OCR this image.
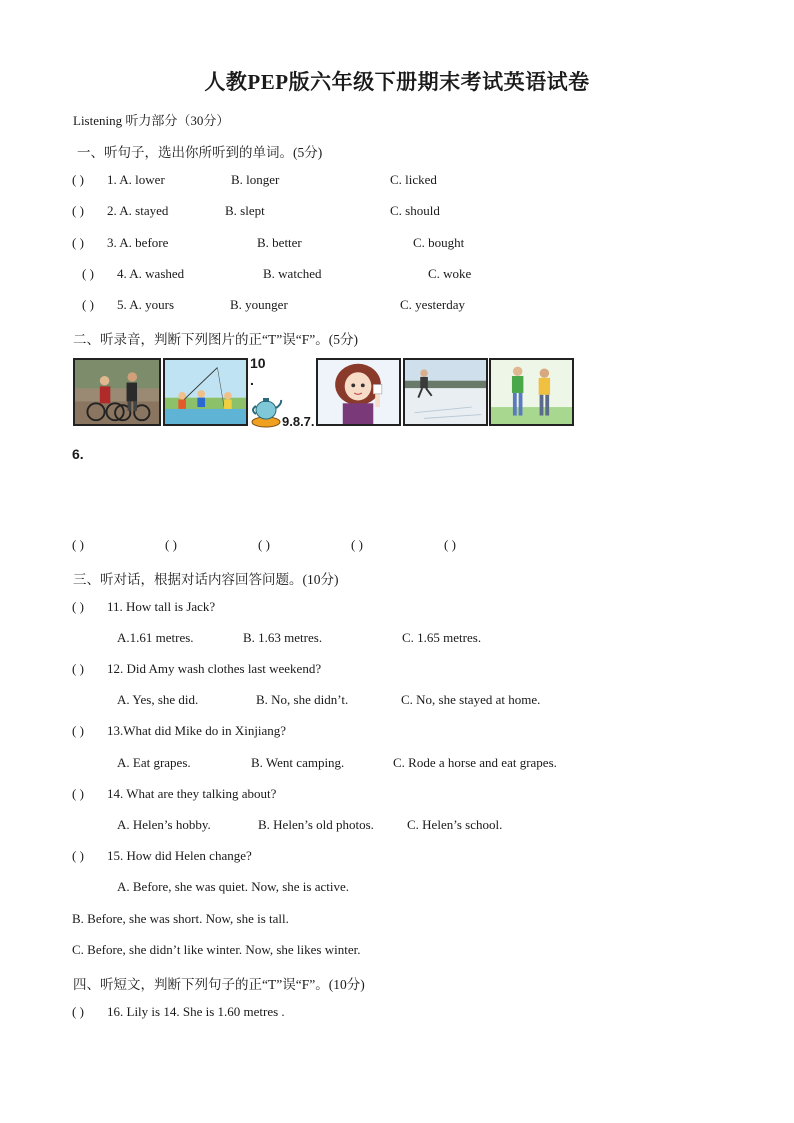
人教PEP版六年级下册期末考试英语试卷
Listening 听力部分（30分）
一、听句子，选出你所听到的单词。(5分)
( ) 1. A. lower	B. longer	C. licked
( ) 2. A. stayed	B. slept	C. should
( ) 3. A. before	B. better	C. bought
( ) 4. A. washed	B. watched	C. woke
( ) 5. A. yours	B. younger	C. yesterday
二、听录音，判断下列图片的正“T”误“F”。(5分)
10
.
9.8.7.
6.
( )	( )	( )	( )	( )
三、听对话，根据对话内容回答问题。(10分)
( ) 11. How tall is Jack?
A.1.61 metres.	B. 1.63 metres.	C. 1.65 metres.
( ) 12. Did Amy wash clothes last weekend?
A. Yes, she did.	B. No, she didn’t.	C. No, she stayed at home.
( ) 13.What did Mike do in Xinjiang?
A. Eat grapes.	B. Went camping.	C. Rode a horse and eat grapes.
( ) 14. What are they talking about?
A. Helen’s hobby.	B. Helen’s old photos.	C. Helen’s school.
( ) 15. How did Helen change?
A. Before, she was quiet. Now, she is active.
B. Before, she was short. Now, she is tall.
C. Before, she didn’t like winter. Now, she likes winter.
四、听短文，判断下列句子的正“T”误“F”。(10分)
( ) 16. Lily is 14. She is 1.60 metres .
